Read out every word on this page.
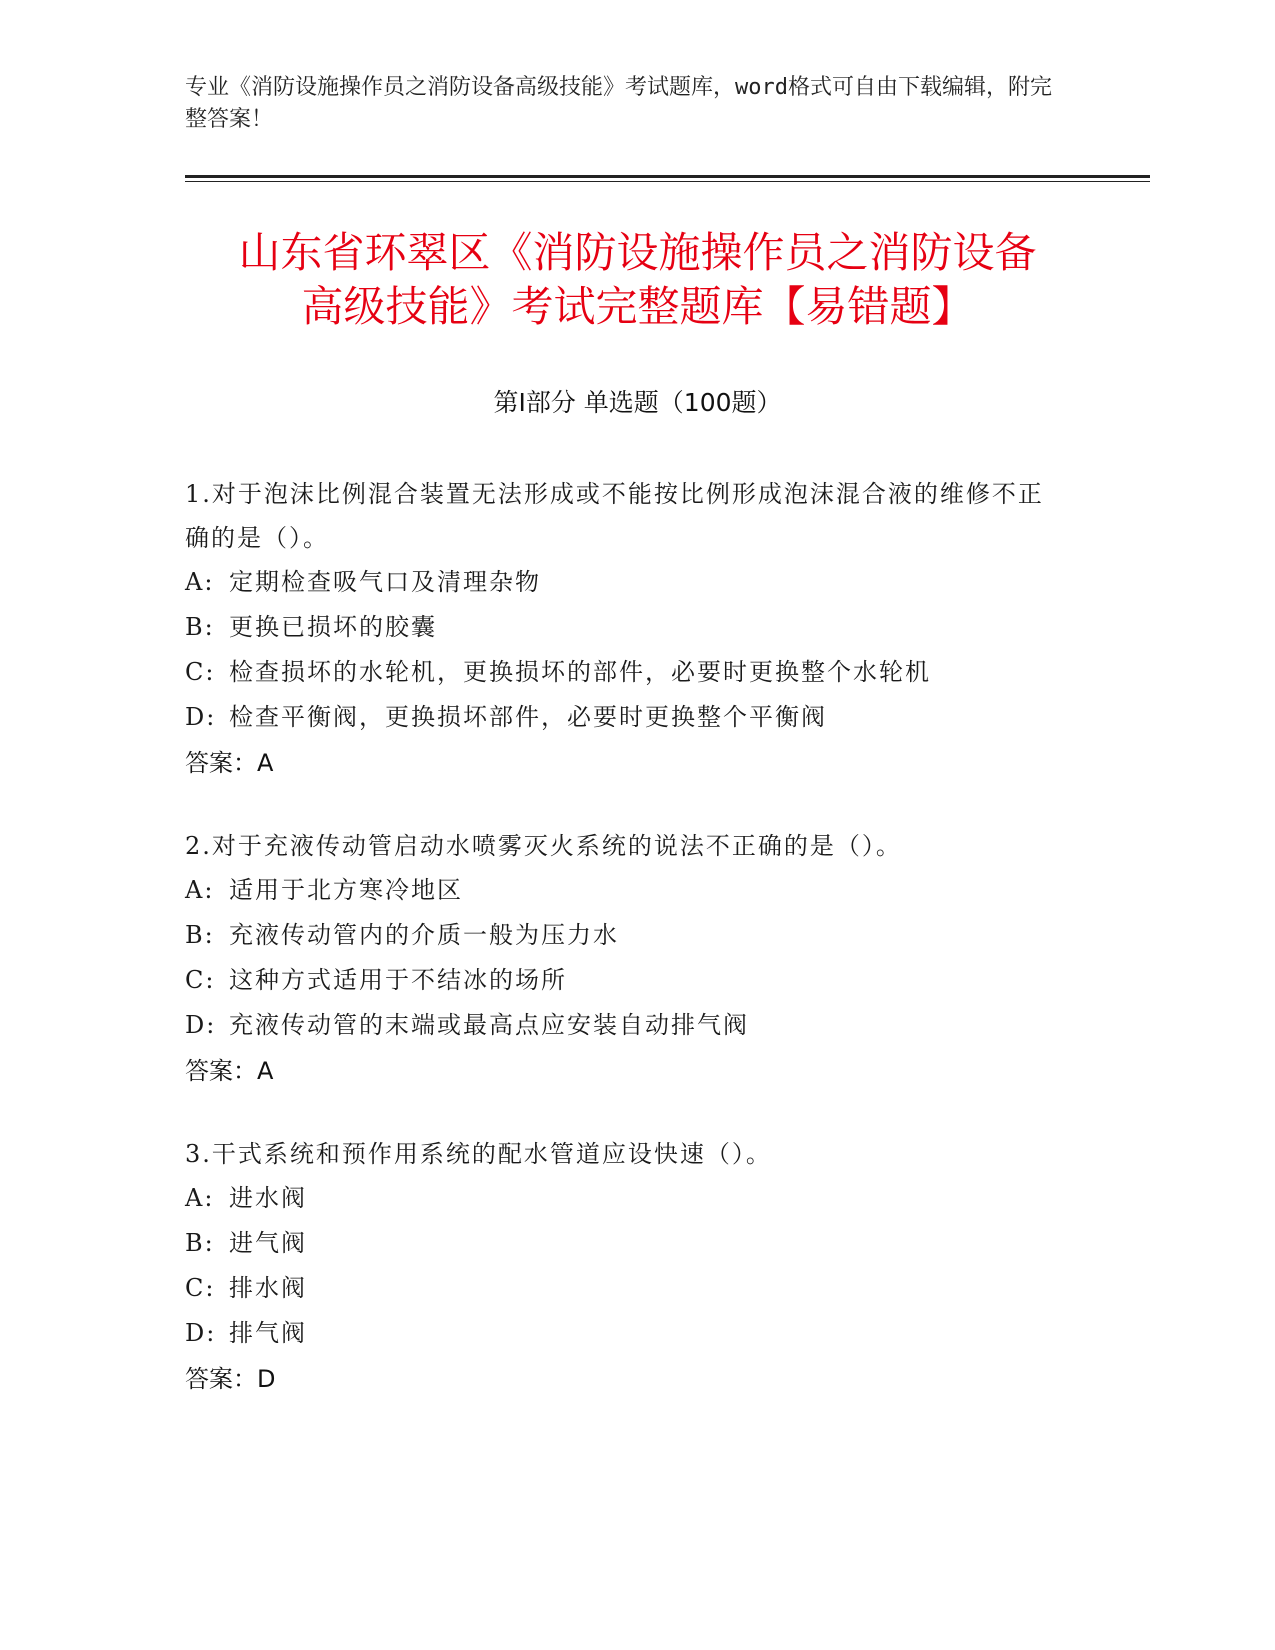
专业《消防设施操作员之消防设备高级技能》考试题库，word格式可自由下载编辑，附完整答案！
山东省环翠区《消防设施操作员之消防设备
高级技能》考试完整题库【易错题】
第I部分 单选题（100题）
1.对于泡沫比例混合装置无法形成或不能按比例形成泡沫混合液的维修不正确的是（）。
A: 定期检查吸气口及清理杂物
B: 更换已损坏的胶囊
C: 检查损坏的水轮机，更换损坏的部件，必要时更换整个水轮机
D: 检查平衡阀，更换损坏部件，必要时更换整个平衡阀
答案：A
2.对于充液传动管启动水喷雾灭火系统的说法不正确的是（）。
A: 适用于北方寒冷地区
B: 充液传动管内的介质一般为压力水
C: 这种方式适用于不结冰的场所
D: 充液传动管的末端或最高点应安装自动排气阀
答案：A
3.干式系统和预作用系统的配水管道应设快速（）。
A: 进水阀
B: 进气阀
C: 排水阀
D: 排气阀
答案：D
